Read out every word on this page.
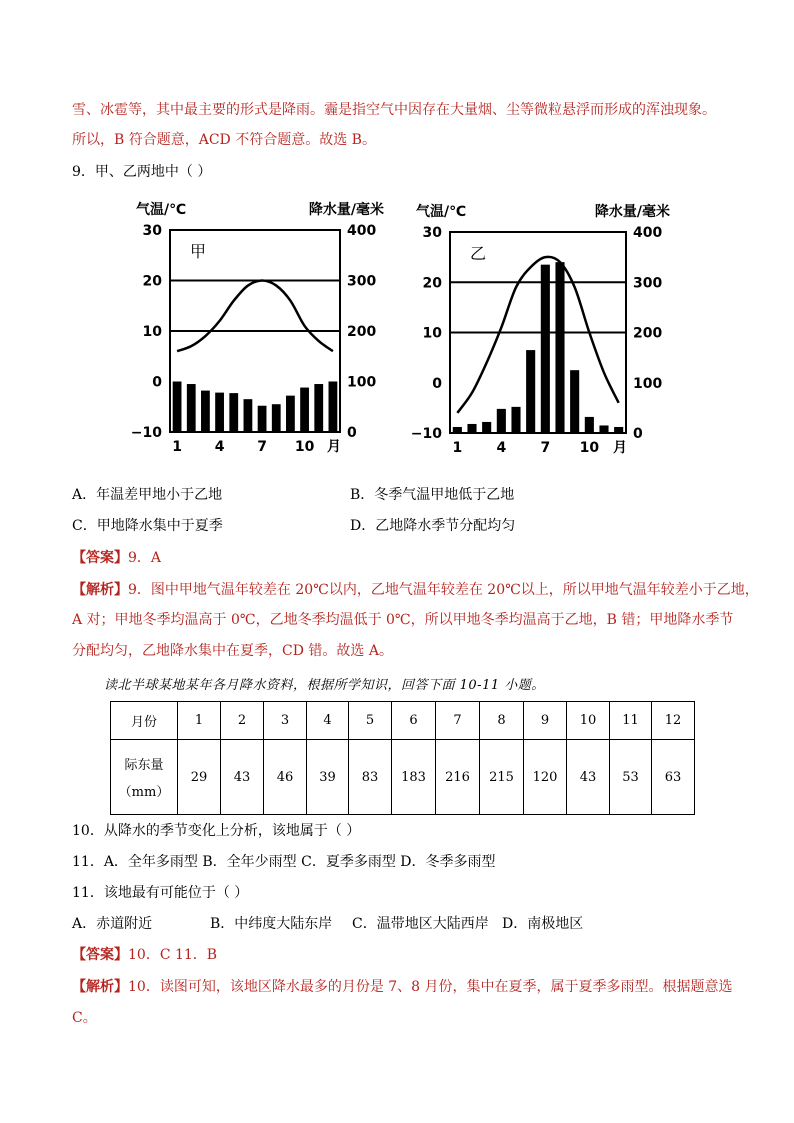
雪、冰雹等，其中最主要的形式是降雨。霾是指空气中因存在大量烟、尘等微粒悬浮而形成的浑浊现象。
所以，B 符合题意，ACD 不符合题意。故选 B。
9．甲、乙两地中（ ）
30
20
10
0
−10
400
300
200
100
0
1 4 7 10 月
气温/℃	降水量/毫米
甲
30
20
10
0
−10
400
300
200
100
0
1 4 7 10 月
气温/℃	降水量/毫米
乙
A．年温差甲地小于乙地	B．冬季气温甲地低于乙地
C．甲地降水集中于夏季	D．乙地降水季节分配均匀
【答案】9．A
【解析】9．图中甲地气温年较差在 20℃以内，乙地气温年较差在 20℃以上，所以甲地气温年较差小于乙地，
A 对；甲地冬季均温高于 0℃，乙地冬季均温低于 0℃，所以甲地冬季均温高于乙地，B 错；甲地降水季节
分配均匀，乙地降水集中在夏季，CD 错。故选 A。
读北半球某地某年各月降水资料，根据所学知识，回答下面 10-11 小题。
月份	1	2	3	4	5	6	7	8	9	10	11	12

际东量
（mm）	29	43	46	39	83	183	216	215	120	43	53	63
10．从降水的季节变化上分析，该地属于（ ）
11．A．全年多雨型 B．全年少雨型 C．夏季多雨型 D．冬季多雨型
11．该地最有可能位于（ ）
A．赤道附近	B．中纬度大陆东岸 C．温带地区大陆西岸 D．南极地区
【答案】10．C 11．B
【解析】10．读图可知，该地区降水最多的月份是 7、8 月份，集中在夏季，属于夏季多雨型。根据题意选
C。
